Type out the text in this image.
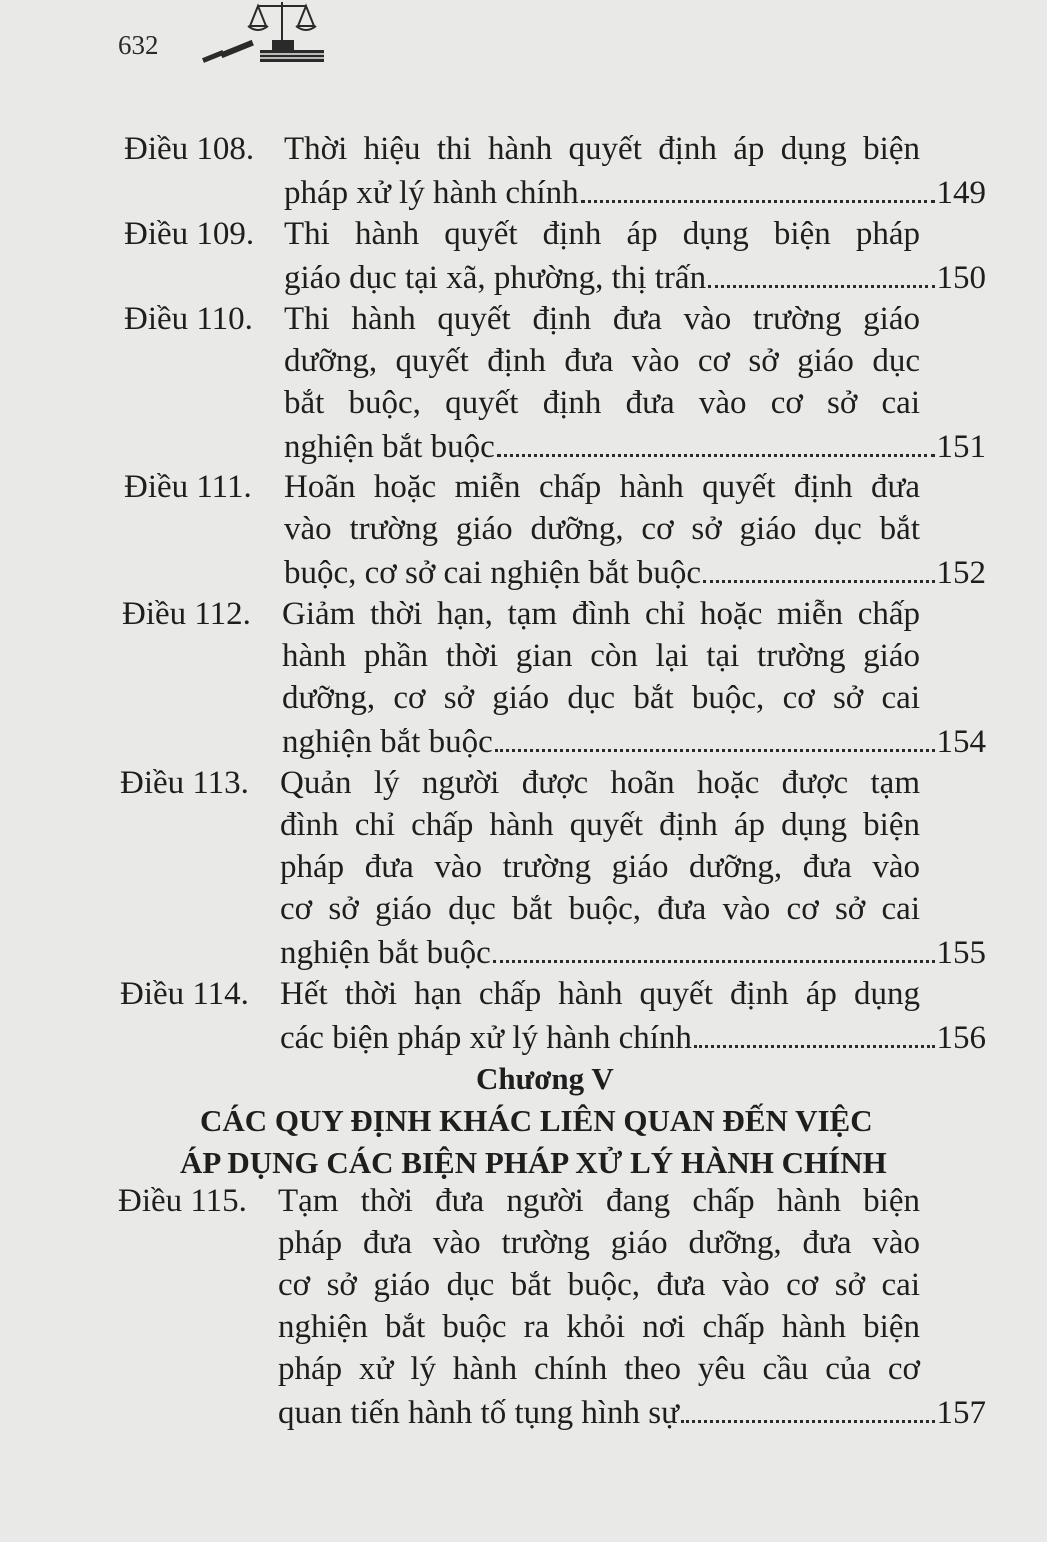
632
Điều 108. Thời hiệu thi hành quyết định áp dụng biện
pháp xử lý hành chính	149
Điều 109. Thi hành quyết định áp dụng biện pháp
giáo dục tại xã, phường, thị trấn	150
Điều 110. Thi hành quyết định đưa vào trường giáo
dưỡng, quyết định đưa vào cơ sở giáo dục
bắt buộc, quyết định đưa vào cơ sở cai
nghiện bắt buộc	151
Điều 111. Hoãn hoặc miễn chấp hành quyết định đưa
vào trường giáo dưỡng, cơ sở giáo dục bắt
buộc, cơ sở cai nghiện bắt buộc	152
Điều 112. Giảm thời hạn, tạm đình chỉ hoặc miễn chấp
hành phần thời gian còn lại tại trường giáo
dưỡng, cơ sở giáo dục bắt buộc, cơ sở cai
nghiện bắt buộc	154
Điều 113. Quản lý người được hoãn hoặc được tạm
đình chỉ chấp hành quyết định áp dụng biện
pháp đưa vào trường giáo dưỡng, đưa vào
cơ sở giáo dục bắt buộc, đưa vào cơ sở cai
nghiện bắt buộc	155
Điều 114. Hết thời hạn chấp hành quyết định áp dụng
các biện pháp xử lý hành chính	156
Điều 115. Tạm thời đưa người đang chấp hành biện
pháp đưa vào trường giáo dưỡng, đưa vào
cơ sở giáo dục bắt buộc, đưa vào cơ sở cai
nghiện bắt buộc ra khỏi nơi chấp hành biện
pháp xử lý hành chính theo yêu cầu của cơ
quan tiến hành tố tụng hình sự	157
Chương V
CÁC QUY ĐỊNH KHÁC LIÊN QUAN ĐẾN VIỆC
ÁP DỤNG CÁC BIỆN PHÁP XỬ LÝ HÀNH CHÍNH
